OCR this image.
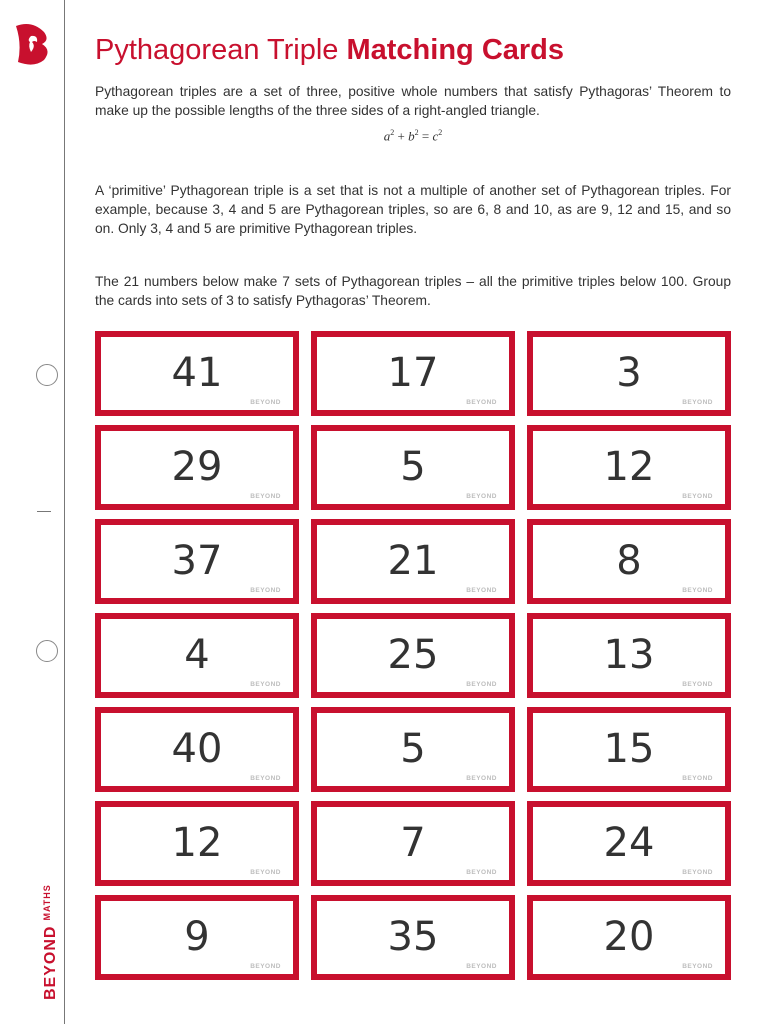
$BEYOND^{MATHS}$
Pythagorean Triple Matching Cards

Pythagorean triples are a set of three, positive whole numbers that satisfy Pythagoras’ Theorem to make up the possible lengths of the three sides of a right-angled triangle.

$a^2 + b^2 = c^2$

A ‘primitive’ Pythagorean triple is a set that is not a multiple of another set of Pythagorean triples. For example, because 3, 4 and 5 are Pythagorean triples, so are 6, 8 and 10, as are 9, 12 and 15, and so on. Only 3, 4 and 5 are primitive Pythagorean triples.

The 21 numbers below make 7 sets of Pythagorean triples – all the primitive triples below 100. Group the cards into sets of 3 to satisfy Pythagoras’ Theorem.

41
BEYOND
17
BEYOND
3
BEYOND
29
BEYOND
5
BEYOND
12
BEYOND
37
BEYOND
21
BEYOND
8
BEYOND
4
BEYOND
25
BEYOND
13
BEYOND
40
BEYOND
5
BEYOND
15
BEYOND
12
BEYOND
7
BEYOND
24
BEYOND
9
BEYOND
35
BEYOND
20
BEYOND
